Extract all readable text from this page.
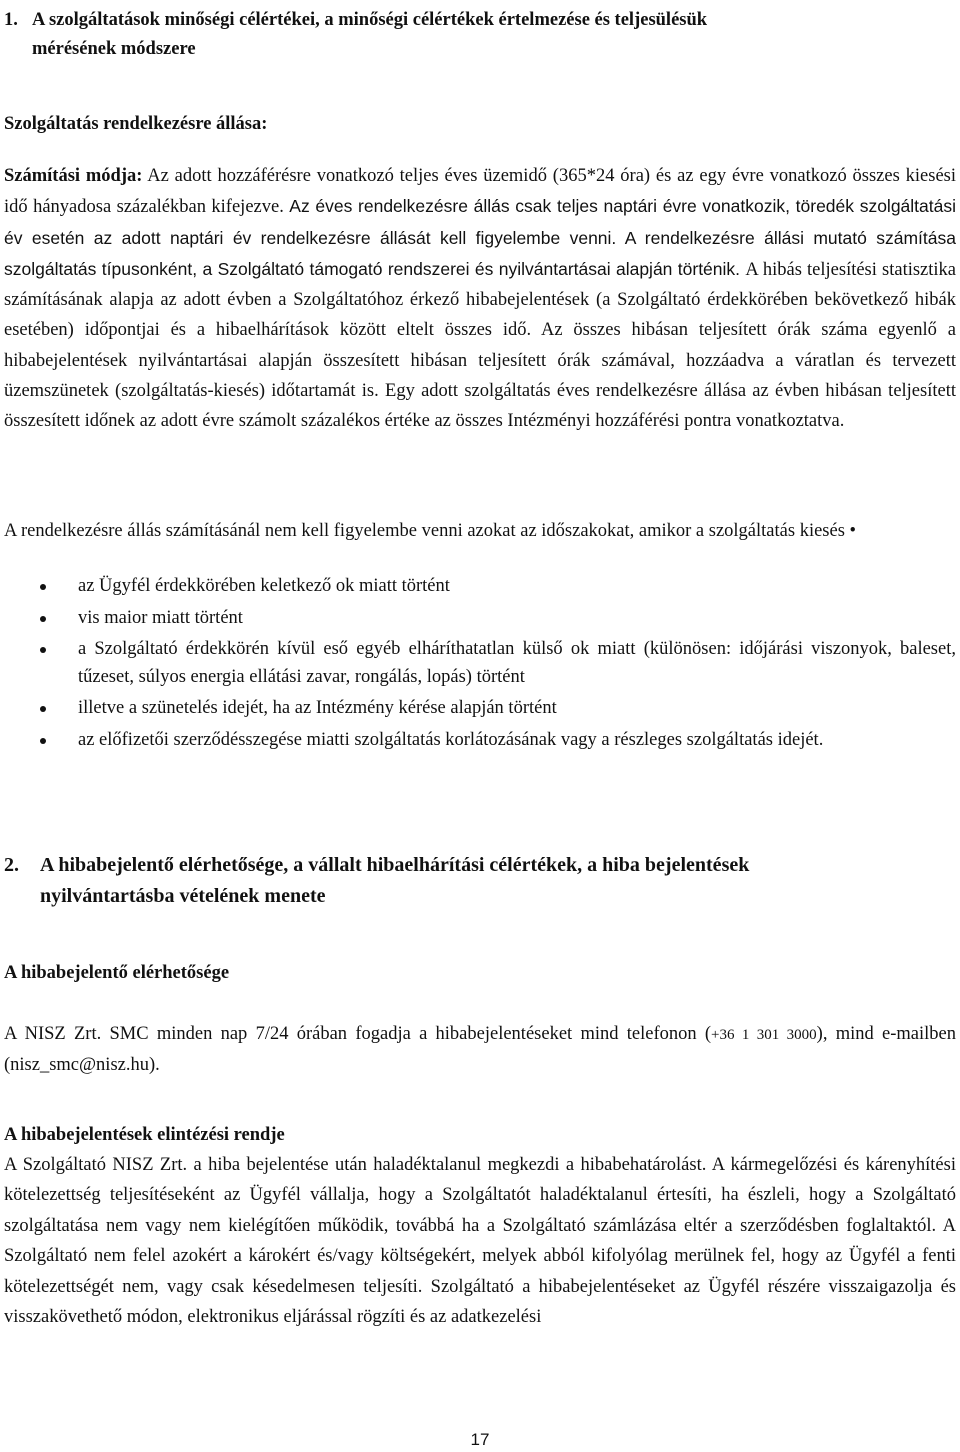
1. A szolgáltatások minőségi célértékei, a minőségi célértékek értelmezése és teljesülésük
mérésének módszere
Szolgáltatás rendelkezésre állása:
Számítási módja: Az adott hozzáférésre vonatkozó teljes éves üzemidő (365*24 óra) és az egy évre vonatkozó összes kiesési idő hányadosa százalékban kifejezve. Az éves rendelkezésre állás csak teljes naptári évre vonatkozik, töredék szolgáltatási év esetén az adott naptári év rendelkezésre állását kell figyelembe venni. A rendelkezésre állási mutató számítása szolgáltatás típusonként, a Szolgáltató támogató rendszerei és nyilvántartásai alapján történik. A hibás teljesítési statisztika számításának alapja az adott évben a Szolgáltatóhoz érkező hibabejelentések (a Szolgáltató érdekkörében bekövetkező hibák esetében) időpontjai és a hibaelhárítások között eltelt összes idő. Az összes hibásan teljesített órák száma egyenlő a hibabejelentések nyilvántartásai alapján összesített hibásan teljesített órák számával, hozzáadva a váratlan és tervezett üzemszünetek (szolgáltatás-kiesés) időtartamát is. Egy adott szolgáltatás éves rendelkezésre állása az évben hibásan teljesített összesített időnek az adott évre számolt százalékos értéke az összes Intézményi hozzáférési pontra vonatkoztatva.
A rendelkezésre állás számításánál nem kell figyelembe venni azokat az időszakokat, amikor a szolgáltatás kiesés •
az Ügyfél érdekkörében keletkező ok miatt történt
vis maior miatt történt
a Szolgáltató érdekkörén kívül eső egyéb elháríthatatlan külső ok miatt (különösen: időjárási viszonyok, baleset, tűzeset, súlyos energia ellátási zavar, rongálás, lopás) történt
illetve a szünetelés idejét, ha az Intézmény kérése alapján történt
az előfizetői szerződésszegése miatti szolgáltatás korlátozásának vagy a részleges szolgáltatás idejét.
2. A hibabejelentő elérhetősége, a vállalt hibaelhárítási célértékek, a hiba bejelentések
nyilvántartásba vételének menete
A hibabejelentő elérhetősége
A NISZ Zrt. SMC minden nap 7/24 órában fogadja a hibabejelentéseket mind telefonon (+36 1 301 3000), mind e-mailben (nisz_smc@nisz.hu).
A hibabejelentések elintézési rendje
A Szolgáltató NISZ Zrt. a hiba bejelentése után haladéktalanul megkezdi a hibabehatárolást. A kármegelőzési és kárenyhítési kötelezettség teljesítéseként az Ügyfél vállalja, hogy a Szolgáltatót haladéktalanul értesíti, ha észleli, hogy a Szolgáltató szolgáltatása nem vagy nem kielégítően működik, továbbá ha a Szolgáltató számlázása eltér a szerződésben foglaltaktól. A Szolgáltató nem felel azokért a károkért és/vagy költségekért, melyek abból kifolyólag merülnek fel, hogy az Ügyfél a fenti kötelezettségét nem, vagy csak késedelmesen teljesíti. Szolgáltató a hibabejelentéseket az Ügyfél részére visszaigazolja és visszakövethető módon, elektronikus eljárással rögzíti és az adatkezelési
17
